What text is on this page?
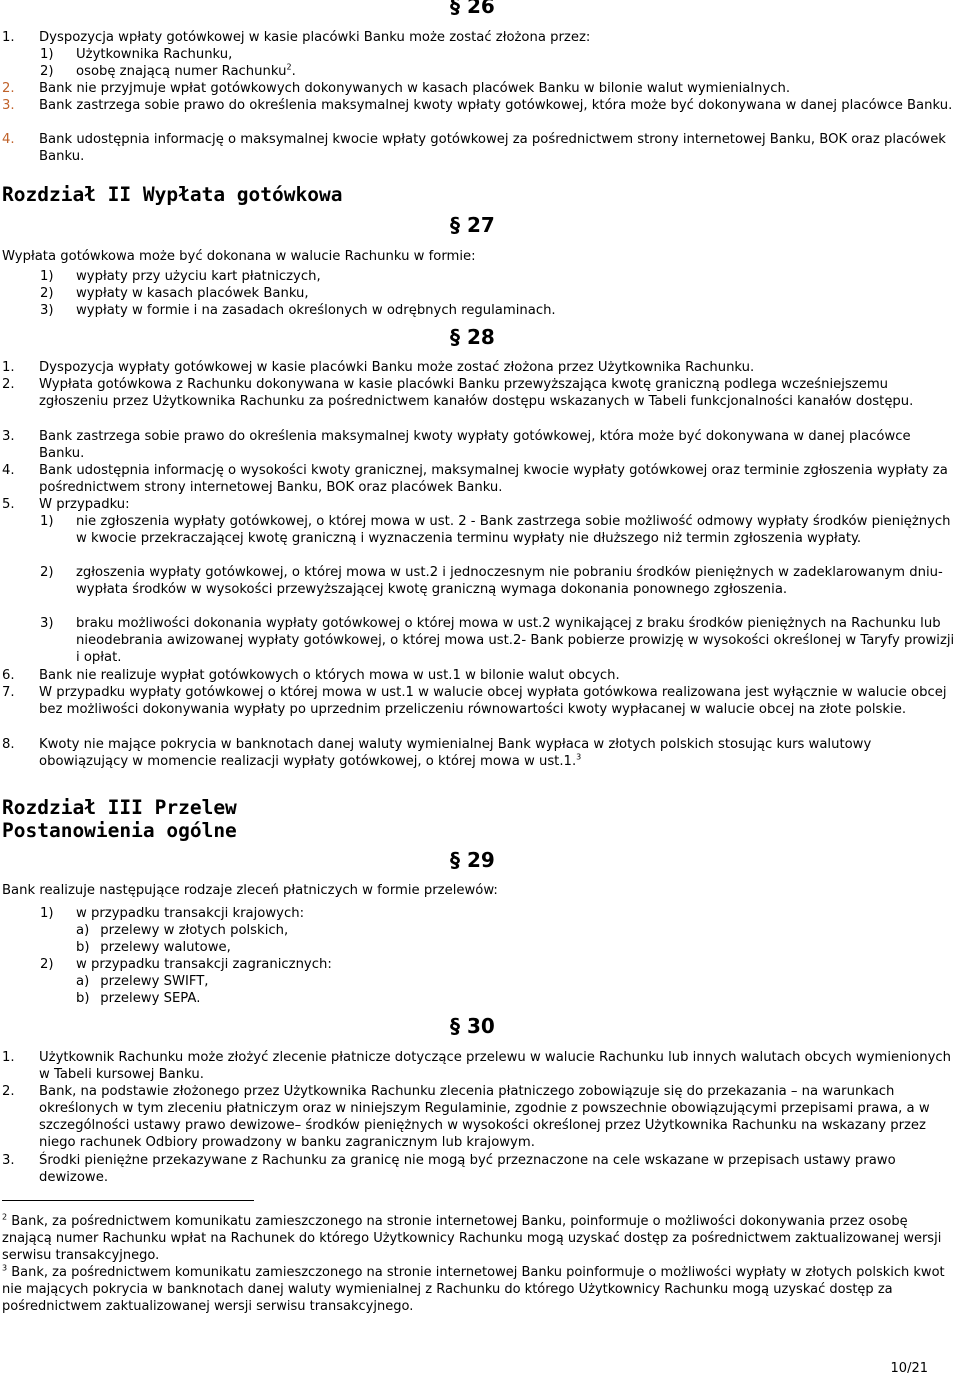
§ 26
1. Dyspozycja wpłaty gotówkowej w kasie placówki Banku może zostać złożona przez:
1) Użytkownika Rachunku,
2) osobę znającą numer Rachunku$^2$.
2. Bank nie przyjmuje wpłat gotówkowych dokonywanych w kasach placówek Banku w bilonie walut wymienialnych.
3. Bank zastrzega sobie prawo do określenia maksymalnej kwoty wpłaty gotówkowej, która może być dokonywana w danej placówce Banku.
4. Bank udostępnia informację o maksymalnej kwocie wpłaty gotówkowej za pośrednictwem strony internetowej Banku, BOK oraz placówek Banku.
Rozdział II Wypłata gotówkowa
§ 27
Wypłata gotówkowa może być dokonana w walucie Rachunku w formie:
1) wypłaty przy użyciu kart płatniczych,
2) wypłaty w kasach placówek Banku,
3) wypłaty w formie i na zasadach określonych w odrębnych regulaminach.
§ 28
1. Dyspozycja wypłaty gotówkowej w kasie placówki Banku może zostać złożona przez Użytkownika Rachunku.
2. Wypłata gotówkowa z Rachunku dokonywana w kasie placówki Banku przewyższająca kwotę graniczną podlega wcześniejszemu zgłoszeniu przez Użytkownika Rachunku za pośrednictwem kanałów dostępu wskazanych w Tabeli funkcjonalności kanałów dostępu.
3. Bank zastrzega sobie prawo do określenia maksymalnej kwoty wypłaty gotówkowej, która może być dokonywana w danej placówce Banku.
4. Bank udostępnia informację o wysokości kwoty granicznej, maksymalnej kwocie wypłaty gotówkowej oraz terminie zgłoszenia wypłaty za pośrednictwem strony internetowej Banku, BOK oraz placówek Banku.
5. W przypadku:
1) nie zgłoszenia wypłaty gotówkowej, o której mowa w ust. 2 - Bank zastrzega sobie możliwość odmowy wypłaty środków pieniężnych w kwocie przekraczającej kwotę graniczną i wyznaczenia terminu wypłaty nie dłuższego niż termin zgłoszenia wypłaty.
2) zgłoszenia wypłaty gotówkowej, o której mowa w ust.2 i jednoczesnym nie pobraniu środków pieniężnych w zadeklarowanym dniu- wypłata środków w wysokości przewyższającej kwotę graniczną wymaga dokonania ponownego zgłoszenia.
3) braku możliwości dokonania wypłaty gotówkowej o której mowa w ust.2 wynikającej z braku środków pieniężnych na Rachunku lub nieodebrania awizowanej wypłaty gotówkowej, o której mowa ust.2- Bank pobierze prowizję w wysokości określonej w Taryfy prowizji i opłat.
6. Bank nie realizuje wypłat gotówkowych o których mowa w ust.1 w bilonie walut obcych.
7. W przypadku wypłaty gotówkowej o której mowa w ust.1 w walucie obcej wypłata gotówkowa realizowana jest wyłącznie w walucie obcej bez możliwości dokonywania wypłaty po uprzednim przeliczeniu równowartości kwoty wypłacanej w walucie obcej na złote polskie.
8. Kwoty nie mające pokrycia w banknotach danej waluty wymienialnej Bank wypłaca w złotych polskich stosując kurs walutowy obowiązujący w momencie realizacji wypłaty gotówkowej, o której mowa w ust.1.$^3$
Rozdział III Przelew
Postanowienia ogólne
§ 29
Bank realizuje następujące rodzaje zleceń płatniczych w formie przelewów:
1) w przypadku transakcji krajowych:
a) przelewy w złotych polskich,
b) przelewy walutowe,
2) w przypadku transakcji zagranicznych:
a) przelewy SWIFT,
b) przelewy SEPA.
§ 30
1. Użytkownik Rachunku może złożyć zlecenie płatnicze dotyczące przelewu w walucie Rachunku lub innych walutach obcych wymienionych w Tabeli kursowej Banku.
2. Bank, na podstawie złożonego przez Użytkownika Rachunku zlecenia płatniczego zobowiązuje się do przekazania – na warunkach określonych w tym zleceniu płatniczym oraz w niniejszym Regulaminie, zgodnie z powszechnie obowiązującymi przepisami prawa, a w szczególności ustawy prawo dewizowe– środków pieniężnych w wysokości określonej przez Użytkownika Rachunku na wskazany przez niego rachunek Odbiory prowadzony w banku zagranicznym lub krajowym.
3. Środki pieniężne przekazywane z Rachunku za granicę nie mogą być przeznaczone na cele wskazane w przepisach ustawy prawo dewizowe.
$^2$ Bank, za pośrednictwem komunikatu zamieszczonego na stronie internetowej Banku, poinformuje o możliwości dokonywania przez osobę znającą numer Rachunku wpłat na Rachunek do którego Użytkownicy Rachunku mogą uzyskać dostęp za pośrednictwem zaktualizowanej wersji serwisu transakcyjnego.
$^3$ Bank, za pośrednictwem komunikatu zamieszczonego na stronie internetowej Banku poinformuje o możliwości wypłaty w złotych polskich kwot nie mających pokrycia w banknotach danej waluty wymienialnej z Rachunku do którego Użytkownicy Rachunku mogą uzyskać dostęp za pośrednictwem zaktualizowanej wersji serwisu transakcyjnego.
10/21
